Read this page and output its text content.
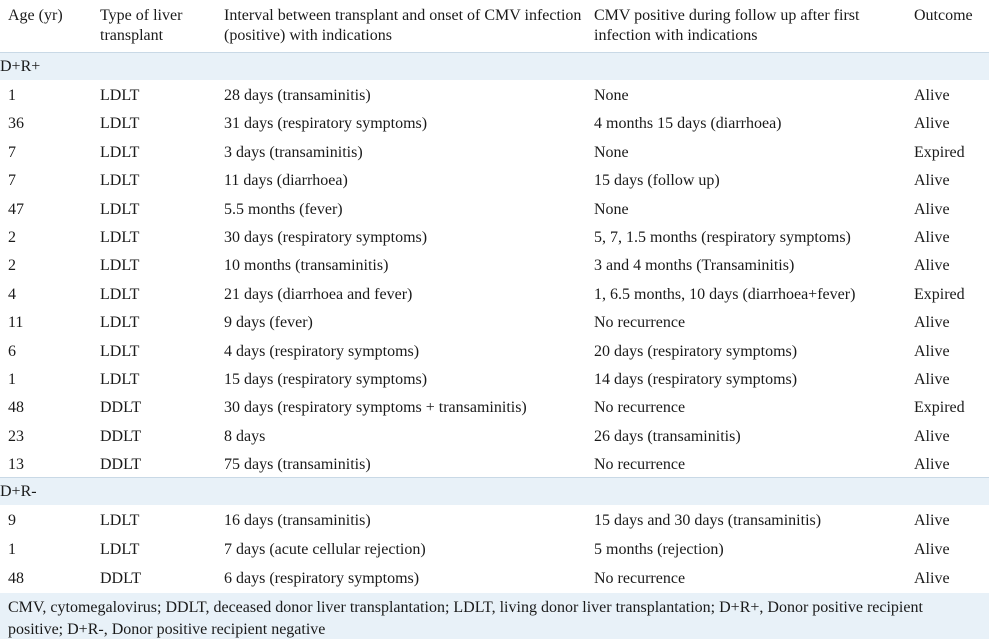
Age (yr)	Type of liver transplant	Interval between transplant and onset of CMV infection (positive) with indications	CMV positive during follow up after first infection with indications	Outcome
D+R+				
1	LDLT	28 days (transaminitis)	None	Alive
36	LDLT	31 days (respiratory symptoms)	4 months 15 days (diarrhoea)	Alive
7	LDLT	3 days (transaminitis)	None	Expired
7	LDLT	11 days (diarrhoea)	15 days (follow up)	Alive
47	LDLT	5.5 months (fever)	None	Alive
2	LDLT	30 days (respiratory symptoms)	5, 7, 1.5 months (respiratory symptoms)	Alive
2	LDLT	10 months (transaminitis)	3 and 4 months (Transaminitis)	Alive
4	LDLT	21 days (diarrhoea and fever)	1, 6.5 months, 10 days (diarrhoea+fever)	Expired
11	LDLT	9 days (fever)	No recurrence	Alive
6	LDLT	4 days (respiratory symptoms)	20 days (respiratory symptoms)	Alive
1	LDLT	15 days (respiratory symptoms)	14 days (respiratory symptoms)	Alive
48	DDLT	30 days (respiratory symptoms + transaminitis)	No recurrence	Expired
23	DDLT	8 days	26 days (transaminitis)	Alive
13	DDLT	75 days (transaminitis)	No recurrence	Alive
D+R-				
9	LDLT	16 days (transaminitis)	15 days and 30 days (transaminitis)	Alive
1	LDLT	7 days (acute cellular rejection)	5 months (rejection)	Alive
48	DDLT	6 days (respiratory symptoms)	No recurrence	Alive
CMV, cytomegalovirus; DDLT, deceased donor liver transplantation; LDLT, living donor liver transplantation; D+R+, Donor positive recipient positive; D+R-, Donor positive recipient negative
